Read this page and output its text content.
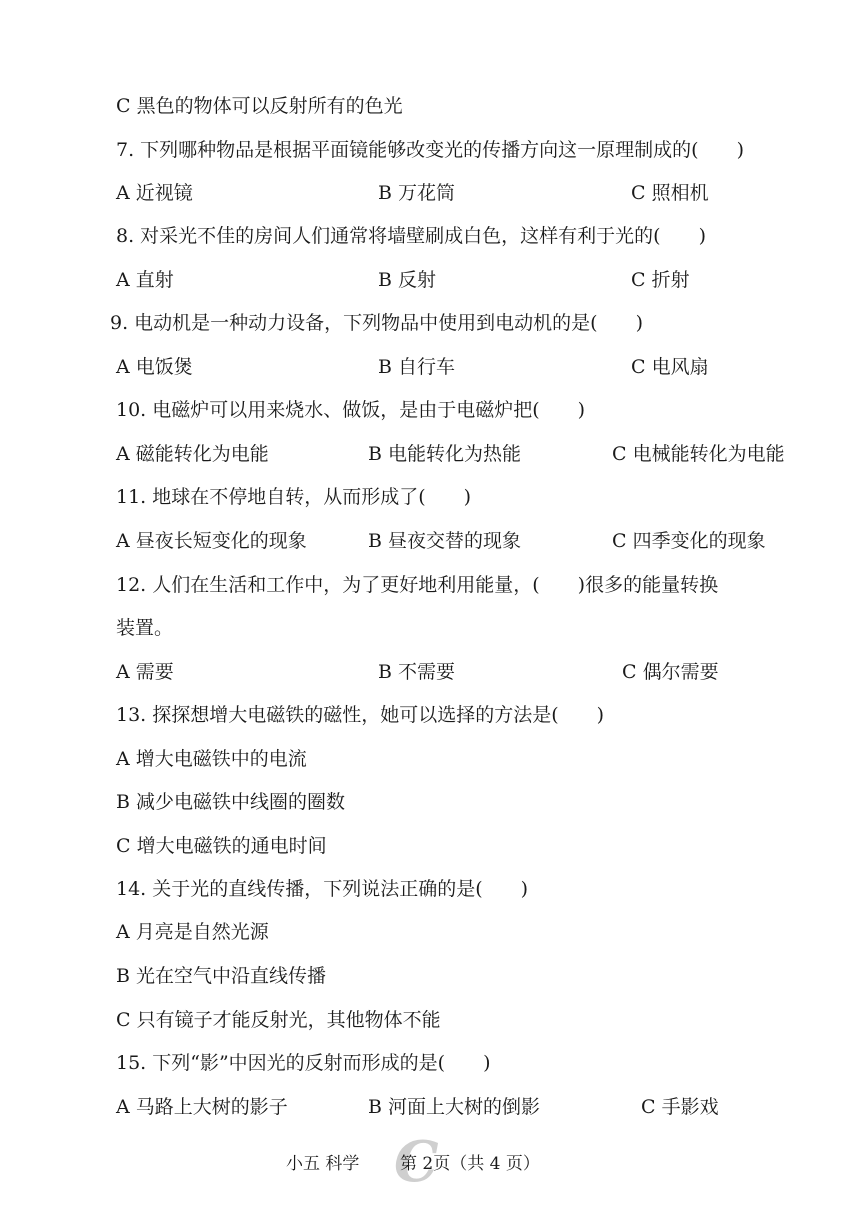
C 黑色的物体可以反射所有的色光
7. 下列哪种物品是根据平面镜能够改变光的传播方向这一原理制成的(　　)
A 近视镜	B 万花筒	C 照相机
8. 对采光不佳的房间人们通常将墙壁刷成白色，这样有利于光的(　　)
A 直射	B 反射	C 折射
9. 电动机是一种动力设备，下列物品中使用到电动机的是(　　)
A 电饭煲	B 自行车	C 电风扇
10. 电磁炉可以用来烧水、做饭，是由于电磁炉把(　　)
A 磁能转化为电能	B 电能转化为热能	C 电械能转化为电能
11. 地球在不停地自转，从而形成了(　　)
A 昼夜长短变化的现象	B 昼夜交替的现象	C 四季变化的现象
12. 人们在生活和工作中，为了更好地利用能量，(　　)很多的能量转换
装置。
A 需要	B 不需要	C 偶尔需要
13. 探探想增大电磁铁的磁性，她可以选择的方法是(　　)
A 增大电磁铁中的电流
B 减少电磁铁中线圈的圈数
C 增大电磁铁的通电时间
14. 关于光的直线传播，下列说法正确的是(　　)
A 月亮是自然光源
B 光在空气中沿直线传播
C 只有镜子才能反射光，其他物体不能
15. 下列“影”中因光的反射而形成的是(　　)
A 马路上大树的影子	B 河面上大树的倒影	C 手影戏
C
小五 科学 第 2页（共 4 页）
